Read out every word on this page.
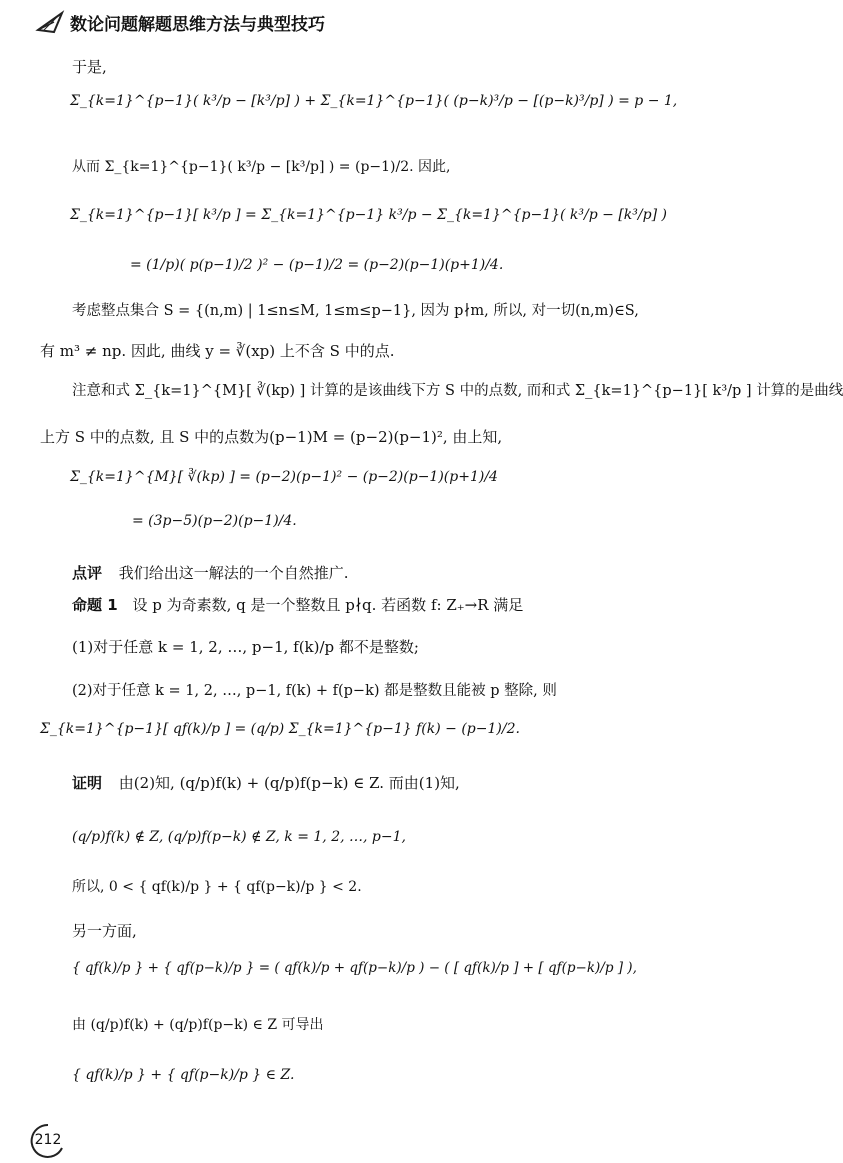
数论问题解题思维方法与典型技巧
于是,
Σ_{k=1}^{p−1}( k³/p − [k³/p] ) + Σ_{k=1}^{p−1}( (p−k)³/p − [(p−k)³/p] ) = p − 1,
从而 Σ_{k=1}^{p−1}( k³/p − [k³/p] ) = (p−1)/2. 因此,
Σ_{k=1}^{p−1}[ k³/p ] = Σ_{k=1}^{p−1} k³/p − Σ_{k=1}^{p−1}( k³/p − [k³/p] )
= (1/p)( p(p−1)/2 )² − (p−1)/2 = (p−2)(p−1)(p+1)/4.
考虑整点集合 S = {(n,m) | 1≤n≤M, 1≤m≤p−1}, 因为 p∤m, 所以, 对一切(n,m)∈S,
有 m³ ≠ np. 因此, 曲线 y = ∛(xp) 上不含 S 中的点.
注意和式 Σ_{k=1}^{M}[ ∛(kp) ] 计算的是该曲线下方 S 中的点数, 而和式 Σ_{k=1}^{p−1}[ k³/p ] 计算的是曲线
上方 S 中的点数, 且 S 中的点数为(p−1)M = (p−2)(p−1)², 由上知,
Σ_{k=1}^{M}[ ∛(kp) ] = (p−2)(p−1)² − (p−2)(p−1)(p+1)/4
= (3p−5)(p−2)(p−1)/4.
点评 我们给出这一解法的一个自然推广.
命题 1 设 p 为奇素数, q 是一个整数且 p∤q. 若函数 f: Z₊→R 满足
(1)对于任意 k = 1, 2, …, p−1, f(k)/p 都不是整数;
(2)对于任意 k = 1, 2, …, p−1, f(k) + f(p−k) 都是整数且能被 p 整除, 则
Σ_{k=1}^{p−1}[ qf(k)/p ] = (q/p) Σ_{k=1}^{p−1} f(k) − (p−1)/2.
证明 由(2)知, (q/p)f(k) + (q/p)f(p−k) ∈ Z. 而由(1)知,
(q/p)f(k) ∉ Z, (q/p)f(p−k) ∉ Z, k = 1, 2, …, p−1,
所以, 0 < { qf(k)/p } + { qf(p−k)/p } < 2.
另一方面,
{ qf(k)/p } + { qf(p−k)/p } = ( qf(k)/p + qf(p−k)/p ) − ( [ qf(k)/p ] + [ qf(p−k)/p ] ),
由 (q/p)f(k) + (q/p)f(p−k) ∈ Z 可导出
{ qf(k)/p } + { qf(p−k)/p } ∈ Z.
212
